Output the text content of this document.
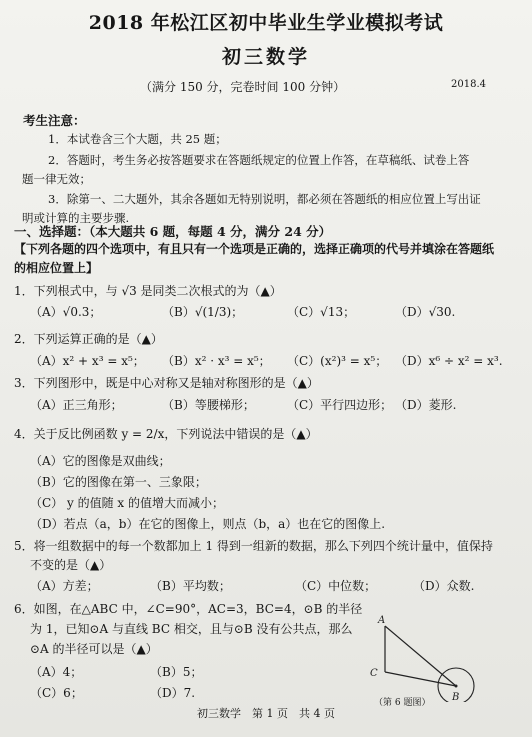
2018 年松江区初中毕业生学业模拟考试
初三数学
（满分 150 分，完卷时间 100 分钟）	2018.4
考生注意：
1．本试卷含三个大题，共 25 题；
2．答题时，考生务必按答题要求在答题纸规定的位置上作答，在草稿纸、试卷上答
题一律无效；
3．除第一、二大题外，其余各题如无特别说明，都必须在答题纸的相应位置上写出证
明或计算的主要步骤.
一、选择题：（本大题共 6 题，每题 4 分，满分 24 分）
【下列各题的四个选项中，有且只有一个选项是正确的，选择正确项的代号并填涂在答题纸
的相应位置上】
1．下列根式中，与 √3 是同类二次根式的为（▲）
（A）√0.3；	（B）√(1/3)；	（C）√13；	（D）√30.
2．下列运算正确的是（▲）
（A）x² + x³ = x⁵； （B）x² · x³ = x⁵； （C）(x²)³ = x⁵； （D）x⁶ ÷ x² = x³.
3．下列图形中，既是中心对称又是轴对称图形的是（▲）
（A）正三角形；	（B）等腰梯形；	（C）平行四边形； （D）菱形.
4．关于反比例函数 y = 2/x，下列说法中错误的是（▲）
（A）它的图像是双曲线；
（B）它的图像在第一、三象限；
（C） y 的值随 x 的值增大而减小；
（D）若点（a，b）在它的图像上，则点（b，a）也在它的图像上.
5．将一组数据中的每一个数都加上 1 得到一组新的数据，那么下列四个统计量中，值保持
不变的是（▲）
（A）方差；	（B）平均数；	（C）中位数；	（D）众数.
6．如图，在△ABC 中，∠C=90°，AC=3，BC=4，⊙B 的半径
为 1，已知⊙A 与直线 BC 相交，且与⊙B 没有公共点，那么
⊙A 的半径可以是（▲）
（A）4；	（B）5；
（C）6；	（D）7.
A
C
B
（第 6 题图）
初三数学　第 1 页　共 4 页
